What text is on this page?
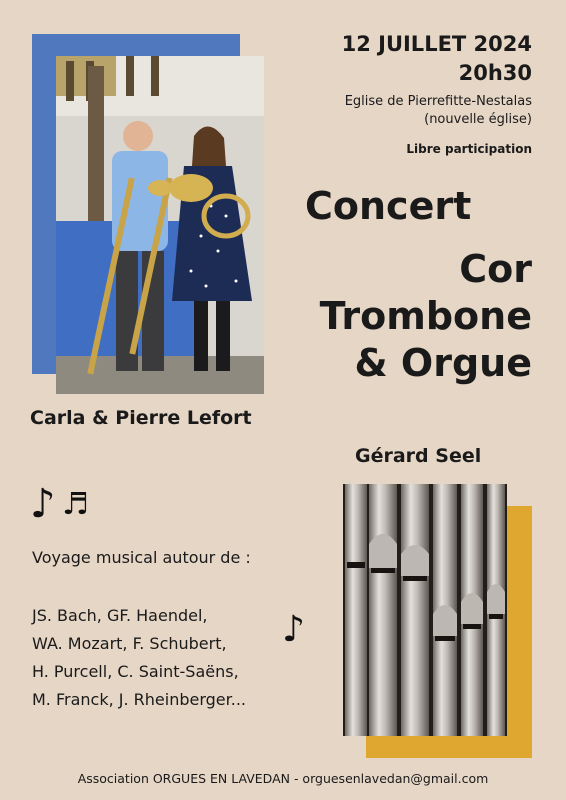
12 JUILLET 2024
20h30
Eglise de Pierrefitte-Nestalas
(nouvelle église)
Libre participation
Concert
Cor
Trombone
& Orgue
Carla & Pierre Lefort
Gérard Seel
♪ ♬
♪
Voyage musical autour de :
JS. Bach, GF. Haendel,
WA. Mozart, F. Schubert,
H. Purcell, C. Saint-Saëns,
M. Franck, J. Rheinberger...
Association ORGUES EN LAVEDAN - orguesenlavedan@gmail.com
